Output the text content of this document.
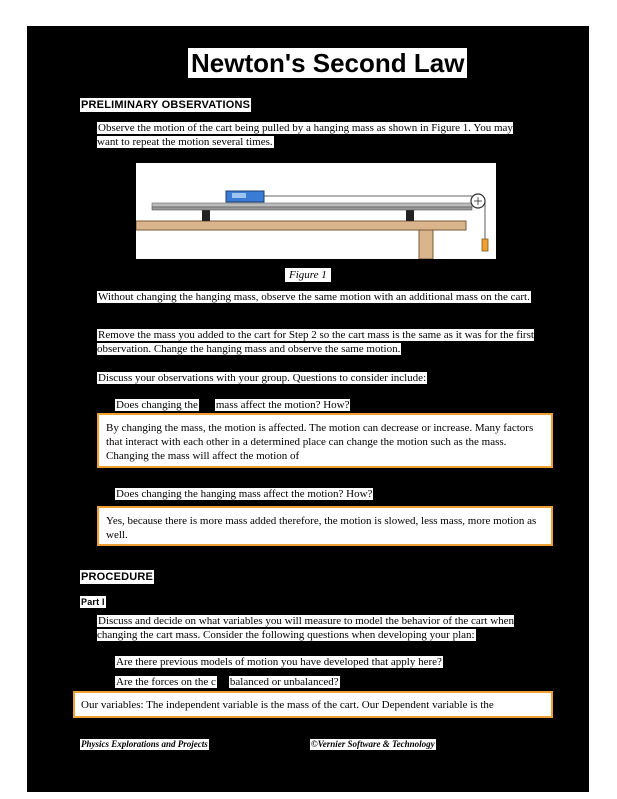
Newton's Second Law
PRELIMINARY OBSERVATIONS
Observe the motion of the cart being pulled by a hanging mass as shown in Figure 1. You may want to repeat the motion several times.
Figure 1
Without changing the hanging mass, observe the same motion with an additional mass on the cart.
Remove the mass you added to the cart for Step 2 so the cart mass is the same as it was for the first observation. Change the hanging mass and observe the same motion.
Discuss your observations with your group. Questions to consider include:
Does changing the mass affect the motion? How?
By changing the mass, the motion is affected. The motion can decrease or increase. Many factors that interact with each other in a determined place can change the motion such as the mass. Changing the mass will affect the motion of
Does changing the hanging mass affect the motion? How?
Yes, because there is more mass added therefore, the motion is slowed, less mass, more motion as well.
PROCEDURE
Part I
Discuss and decide on what variables you will measure to model the behavior of the cart when changing the cart mass. Consider the following questions when developing your plan:
Are there previous models of motion you have developed that apply here?
Are the forces on the c balanced or unbalanced?
Our variables: The independent variable is the mass of the cart. Our Dependent variable is the
Physics Explorations and Projects	©Vernier Software & Technology
